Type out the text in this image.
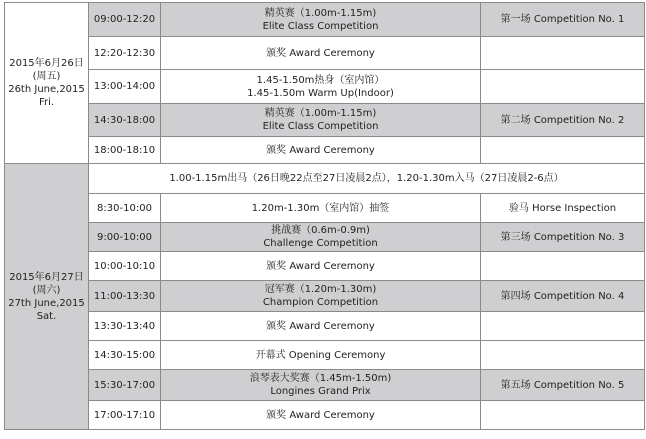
2015年6月26日
(周五)
26th June,2015
Fri.	09:00-12:20	精英赛（1.00m-1.15m)
Elite Class Competition	第一场 Competition No. 1
	12:20-12:30	颁奖 Award Ceremony	

	13:00-14:00	1.45-1.50m热身（室内馆）
1.45-1.50m Warm Up(Indoor)	

	14:30-18:00	精英赛（1.00m-1.15m)
Elite Class Competition	第二场 Competition No. 2
	18:00-18:10	颁奖 Award Ceremony	

2015年6月27日
(周六)
27th June,2015
Sat.	1.00-1.15m出马（26日晚22点至27日凌晨2点），1.20-1.30m入马（27日凌晨2-6点）		
	8:30-10:00	1.20m-1.30m（室内馆）抽签	验马 Horse Inspection
	9:00-10:00	挑战赛（0.6m-0.9m)
Challenge Competition	第三场 Competition No. 3
	10:00-10:10	颁奖 Award Ceremony	

	11:00-13:30	冠军赛（1.20m-1.30m)
Champion Competition	第四场 Competition No. 4
	13:30-13:40	颁奖 Award Ceremony	

	14:30-15:00	开幕式 Opening Ceremony	

	15:30-17:00	浪琴表大奖赛（1.45m-1.50m)
Longines Grand Prix	第五场 Competition No. 5
	17:00-17:10	颁奖 Award Ceremony	
